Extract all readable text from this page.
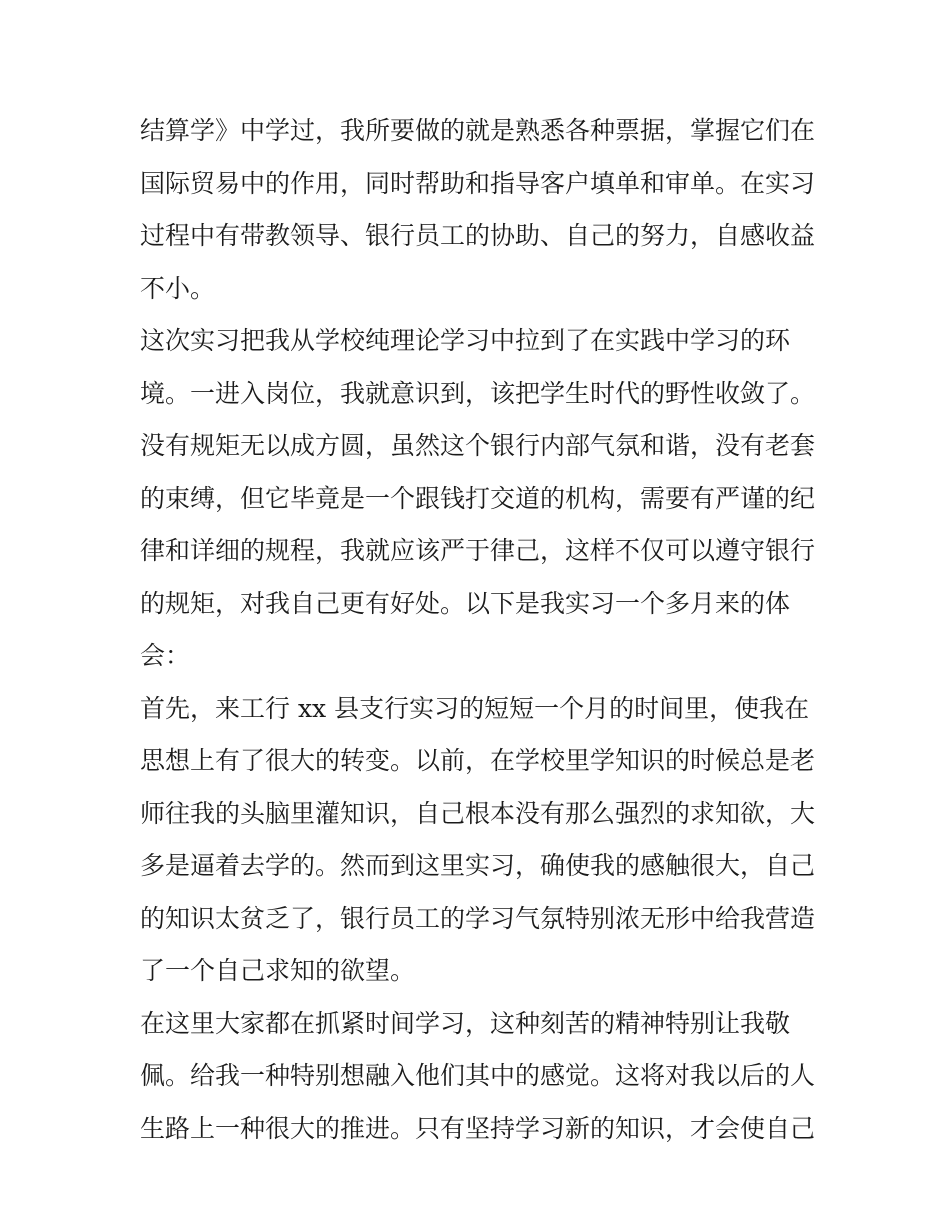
结算学》中学过，我所要做的就是熟悉各种票据，掌握它们在
国际贸易中的作用，同时帮助和指导客户填单和审单。在实习
过程中有带教领导、银行员工的协助、自己的努力，自感收益
不小。
这次实习把我从学校纯理论学习中拉到了在实践中学习的环
境。一进入岗位，我就意识到，该把学生时代的野性收敛了。
没有规矩无以成方圆，虽然这个银行内部气氛和谐，没有老套
的束缚，但它毕竟是一个跟钱打交道的机构，需要有严谨的纪
律和详细的规程，我就应该严于律己，这样不仅可以遵守银行
的规矩，对我自己更有好处。以下是我实习一个多月来的体
会：
首先，来工行 xx 县支行实习的短短一个月的时间里，使我在
思想上有了很大的转变。以前，在学校里学知识的时候总是老
师往我的头脑里灌知识，自己根本没有那么强烈的求知欲，大
多是逼着去学的。然而到这里实习，确使我的感触很大，自己
的知识太贫乏了，银行员工的学习气氛特别浓无形中给我营造
了一个自己求知的欲望。
在这里大家都在抓紧时间学习，这种刻苦的精神特别让我敬
佩。给我一种特别想融入他们其中的感觉。这将对我以后的人
生路上一种很大的推进。只有坚持学习新的知识，才会使自己
